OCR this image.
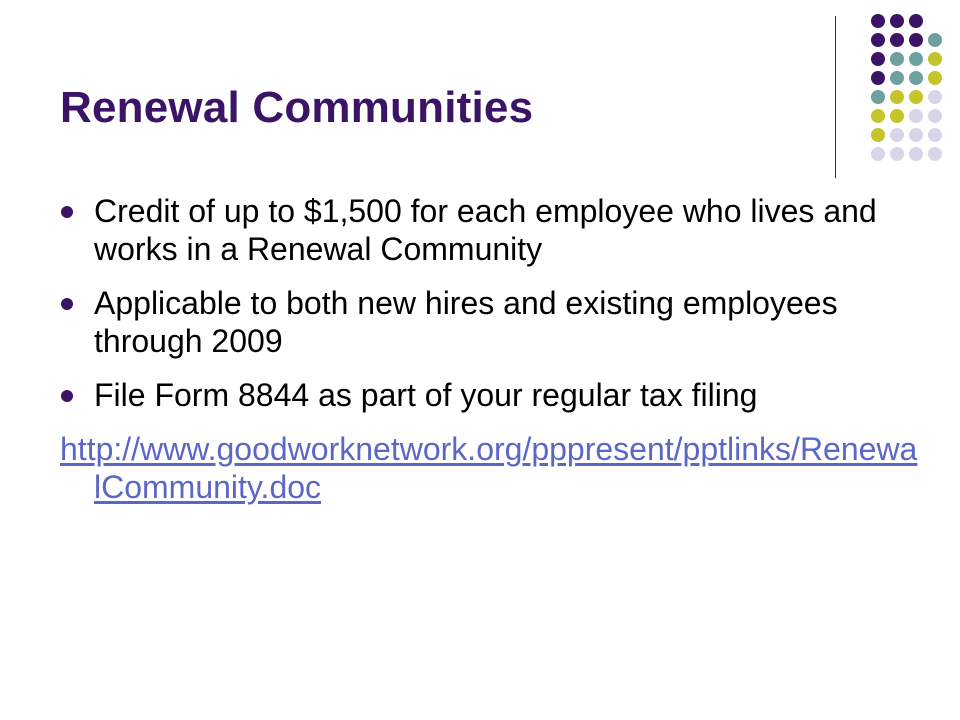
Renewal Communities
Credit of up to $1,500 for each employee who lives and works in a Renewal Community
Applicable to both new hires and existing employees through 2009
File Form 8844 as part of your regular tax filing
http://www.goodworknetwork.org/pppresent/pptlinks/RenewalCommunity.doc
